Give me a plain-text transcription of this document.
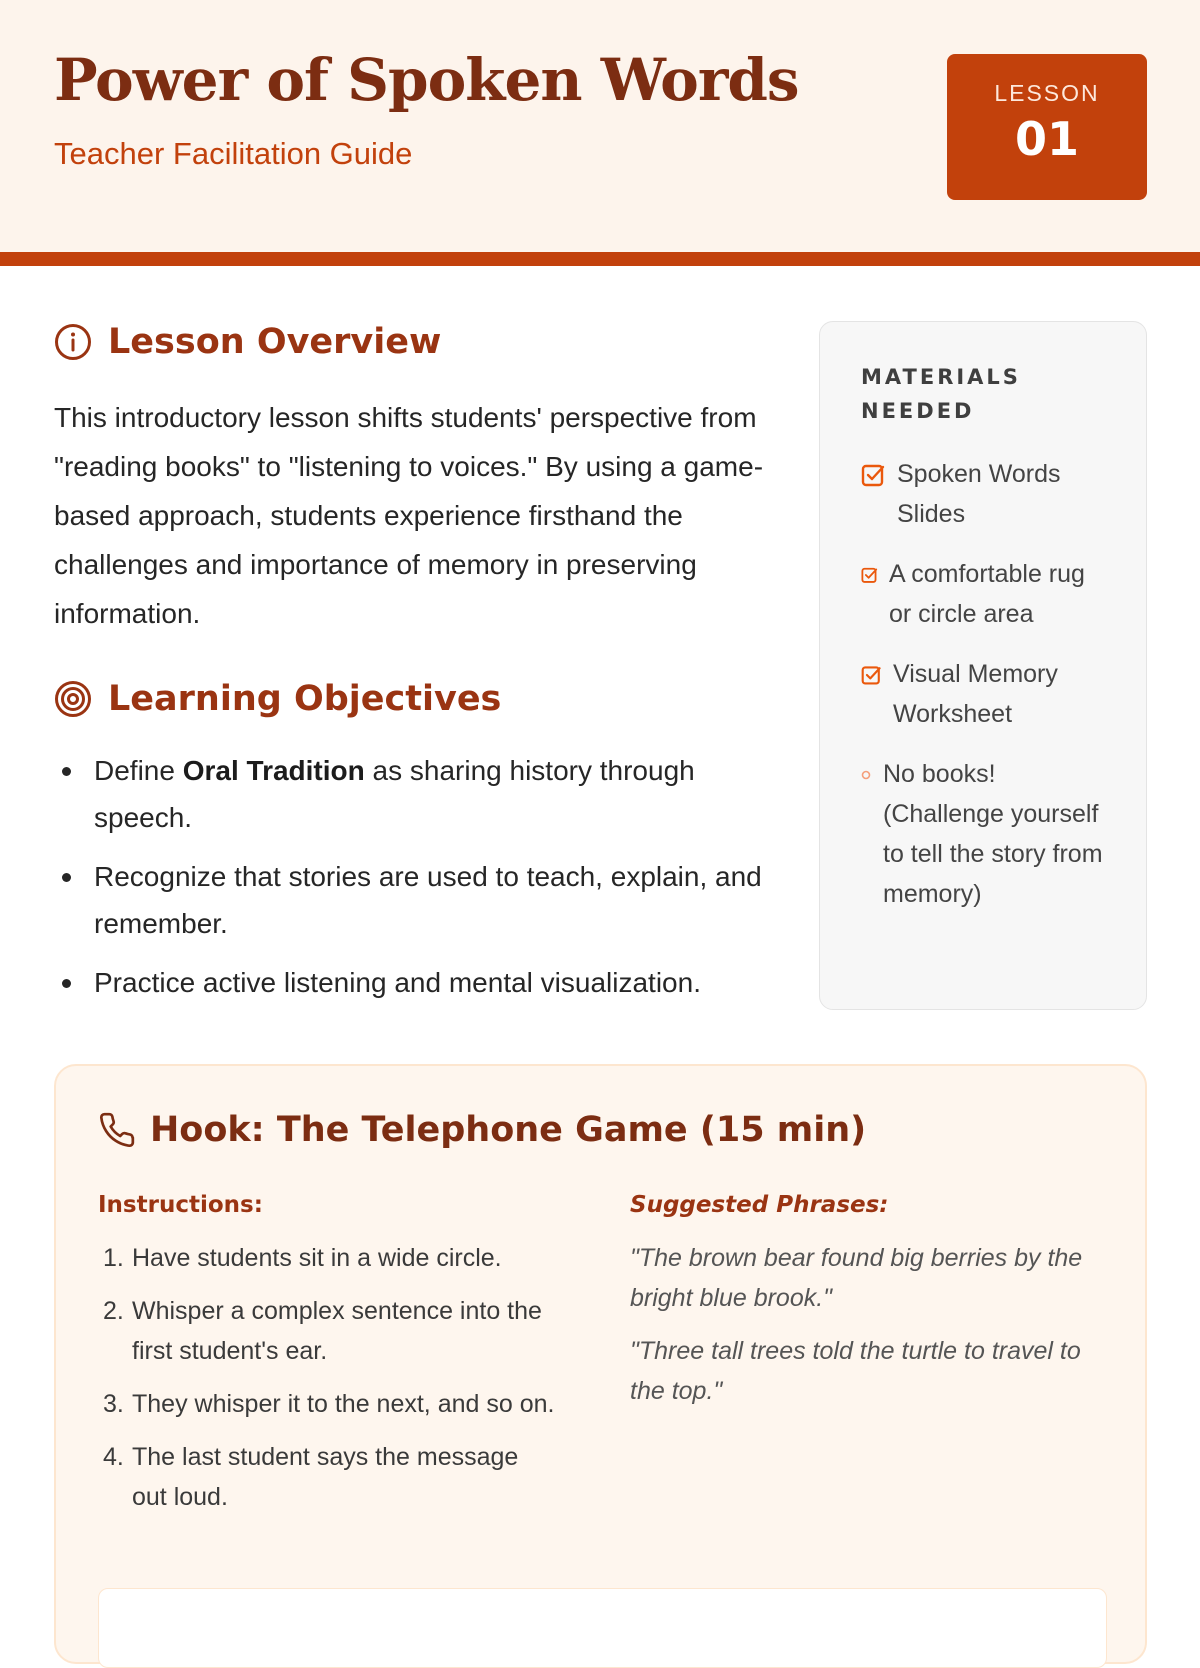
Power of Spoken Words
Teacher Facilitation Guide
LESSON
01
Lesson Overview

This introductory lesson shifts students' perspective from "reading books" to "listening to voices." By using a game-based approach, students experience firsthand the challenges and importance of memory in preserving information.

Learning Objectives
Define Oral Tradition as sharing history through speech.
Recognize that stories are used to teach, explain, and remember.
Practice active listening and mental visualization.
MATERIALS NEEDED
Spoken Words Slides
A comfortable rug or circle area
Visual Memory Worksheet
No books! (Challenge yourself to tell the story from memory)
Hook: The Telephone Game (15 min)
Instructions:
1. Have students sit in a wide circle.
2. Whisper a complex sentence into the first student's ear.
3. They whisper it to the next, and so on.
4. The last student says the message out loud.
Suggested Phrases:

"The brown bear found big berries by the bright blue brook."

"Three tall trees told the turtle to travel to the top."
